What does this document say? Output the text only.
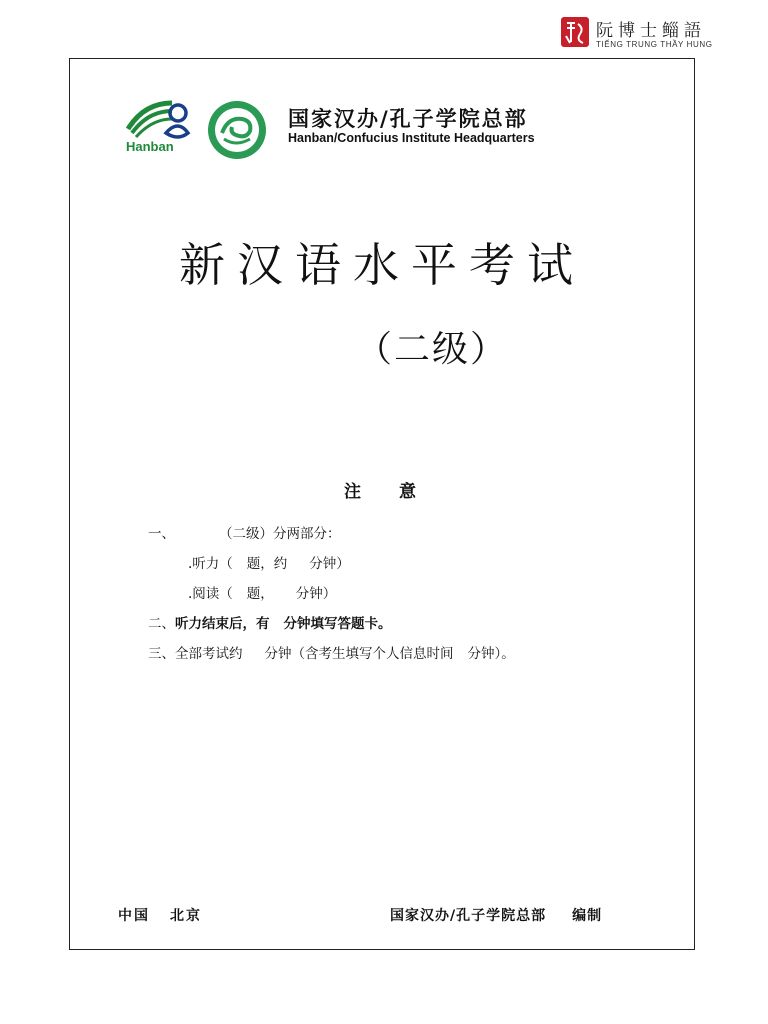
阮博士鲻語
TIẾNG TRUNG THẦY HUNG
Hanban
国家汉办/孔子学院总部
Hanban/Confucius Institute Headquarters
新汉语水平考试
（二级）
注意
一、	（二级）分两部分：
.听力（ 题，约 分钟）
.阅读（ 题， 分钟）
二、听力结束后，有 分钟填写答题卡。
三、全部考试约 分钟（含考生填写个人信息时间 分钟）。
中国 北京	国家汉办/孔子学院总部 编制
